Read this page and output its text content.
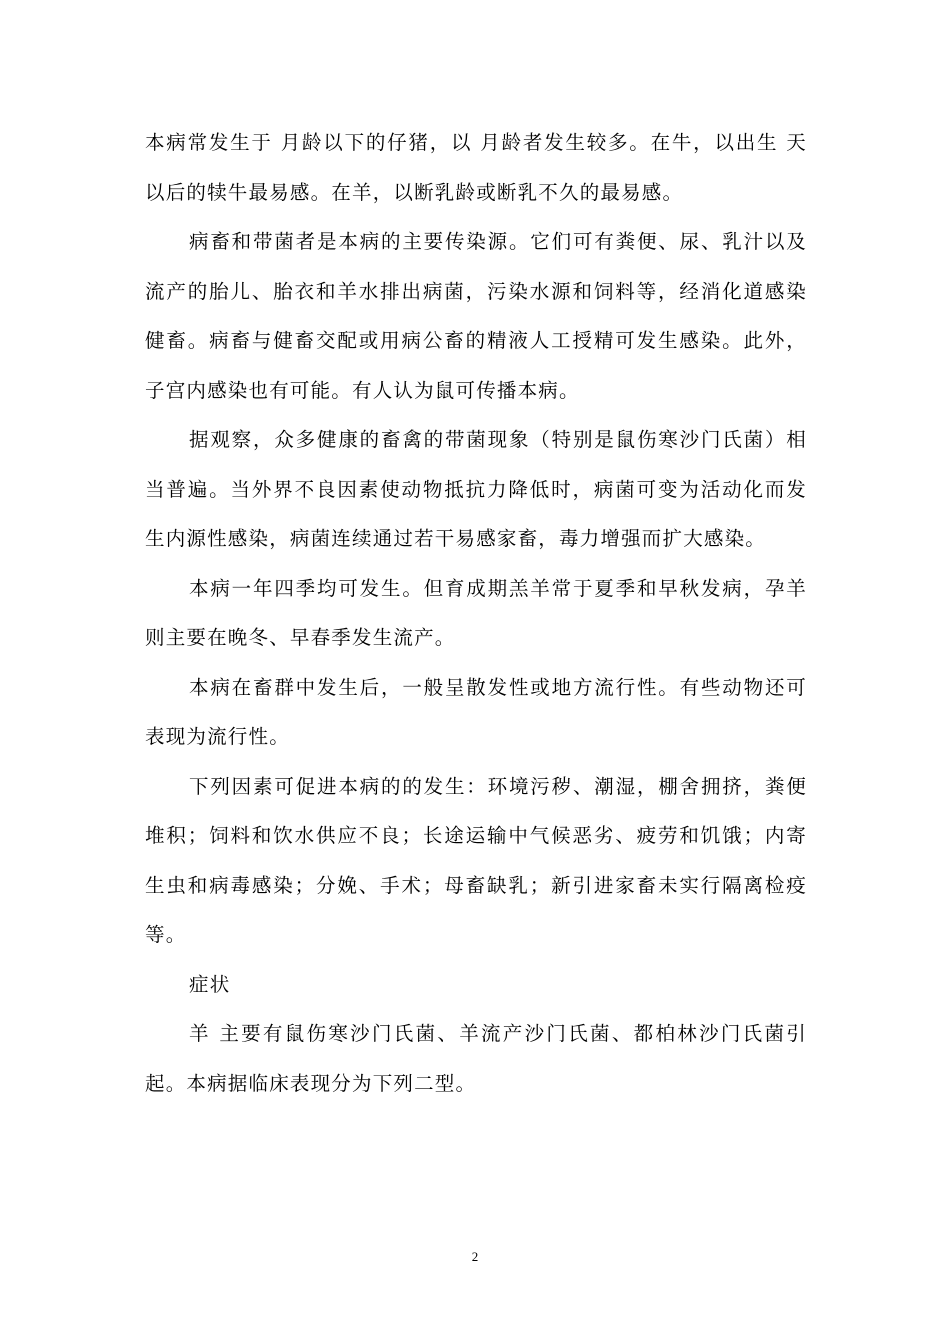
本病常发生于 月龄以下的仔猪，以 月龄者发生较多。在牛，以出生 天以后的犊牛最易感。在羊，以断乳龄或断乳不久的最易感。

病畜和带菌者是本病的主要传染源。它们可有粪便、尿、乳汁以及流产的胎儿、胎衣和羊水排出病菌，污染水源和饲料等，经消化道感染健畜。病畜与健畜交配或用病公畜的精液人工授精可发生感染。此外，子宫内感染也有可能。有人认为鼠可传播本病。

据观察，众多健康的畜禽的带菌现象（特别是鼠伤寒沙门氏菌）相当普遍。当外界不良因素使动物抵抗力降低时，病菌可变为活动化而发生内源性感染，病菌连续通过若干易感家畜，毒力增强而扩大感染。

本病一年四季均可发生。但育成期羔羊常于夏季和早秋发病，孕羊则主要在晚冬、早春季发生流产。

本病在畜群中发生后，一般呈散发性或地方流行性。有些动物还可表现为流行性。

下列因素可促进本病的的发生：环境污秽、潮湿，棚舍拥挤，粪便堆积；饲料和饮水供应不良；长途运输中气候恶劣、疲劳和饥饿；内寄生虫和病毒感染；分娩、手术；母畜缺乳；新引进家畜未实行隔离检疫等。

症状

羊 主要有鼠伤寒沙门氏菌、羊流产沙门氏菌、都柏林沙门氏菌引起。本病据临床表现分为下列二型。

2
